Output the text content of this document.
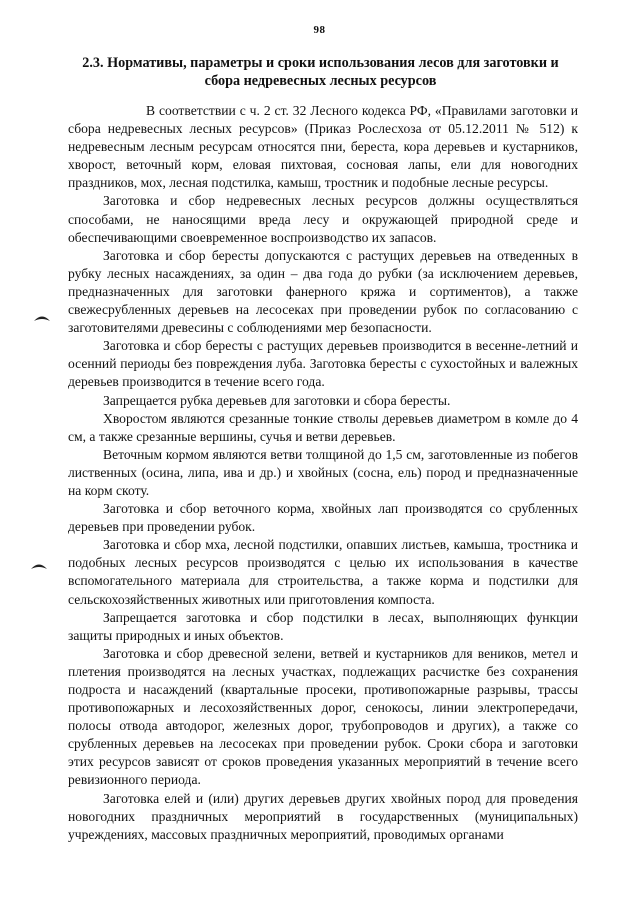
98
2.3. Нормативы, параметры и сроки использования лесов для заготовки и сбора недревесных лесных ресурсов

В соответствии с ч. 2 ст. 32 Лесного кодекса РФ, «Правилами заготовки и сбора недревесных лесных ресурсов» (Приказ Рослесхоза от 05.12.2011 № 512) к недревесным лесным ресурсам относятся пни, береста, кора деревьев и кустарников, хворост, веточный корм, еловая пихтовая, сосновая лапы, ели для новогодних праздников, мох, лесная подстилка, камыш, тростник и подобные лесные ресурсы.

Заготовка и сбор недревесных лесных ресурсов должны осуществляться способами, не наносящими вреда лесу и окружающей природной среде и обеспечивающими своевременное воспроизводство их запасов.

Заготовка и сбор бересты допускаются с растущих деревьев на отведенных в рубку лесных насаждениях, за один – два года до рубки (за исключением деревьев, предназначенных для заготовки фанерного кряжа и сортиментов), а также свежесрубленных деревьев на лесосеках при проведении рубок по согласованию с заготовителями древесины с соблюдениями мер безопасности.

Заготовка и сбор бересты с растущих деревьев производится в весенне-летний и осенний периоды без повреждения луба. Заготовка бересты с сухостойных и валежных деревьев производится в течение всего года.

Запрещается рубка деревьев для заготовки и сбора бересты.

Хворостом являются срезанные тонкие стволы деревьев диаметром в комле до 4 см, а также срезанные вершины, сучья и ветви деревьев.

Веточным кормом являются ветви толщиной до 1,5 см, заготовленные из побегов лиственных (осина, липа, ива и др.) и хвойных (сосна, ель) пород и предназначенные на корм скоту.

Заготовка и сбор веточного корма, хвойных лап производятся со срубленных деревьев при проведении рубок.

Заготовка и сбор мха, лесной подстилки, опавших листьев, камыша, тростника и подобных лесных ресурсов производятся с целью их использования в качестве вспомогательного материала для строительства, а также корма и подстилки для сельскохозяйственных животных или приготовления компоста.

Запрещается заготовка и сбор подстилки в лесах, выполняющих функции защиты природных и иных объектов.

Заготовка и сбор древесной зелени, ветвей и кустарников для веников, метел и плетения производятся на лесных участках, подлежащих расчистке без сохранения подроста и насаждений (квартальные просеки, противопожарные разрывы, трассы противопожарных и лесохозяйственных дорог, сенокосы, линии электропередачи, полосы отвода автодорог, железных дорог, трубопроводов и других), а также со срубленных деревьев на лесосеках при проведении рубок. Сроки сбора и заготовки этих ресурсов зависят от сроков проведения указанных мероприятий в течение всего ревизионного периода.

Заготовка елей и (или) других деревьев других хвойных пород для проведения новогодних праздничных мероприятий в государственных (муниципальных) учреждениях, массовых праздничных мероприятий, проводимых органами
